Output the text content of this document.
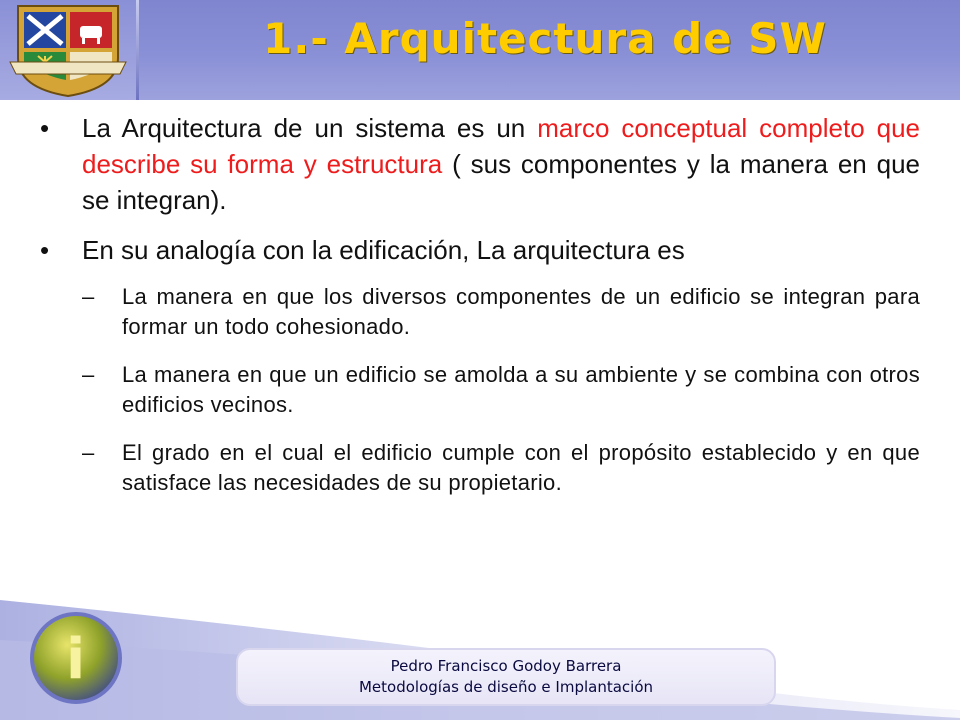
1.- Arquitectura de SW

• La Arquitectura de un sistema es un marco conceptual completo que describe su forma y estructura ( sus componentes y la manera en que se integran).

• En su analogía con la edificación, La arquitectura es

– La manera en que los diversos componentes de un edificio se integran para formar un todo cohesionado.

– La manera en que un edificio se amolda a su ambiente y se combina con otros edificios vecinos.

– El grado en el cual el edificio cumple con el propósito establecido y en que satisface las necesidades de su propietario.

i	Pedro Francisco Godoy Barrera
Metodologías de diseño e Implantación
